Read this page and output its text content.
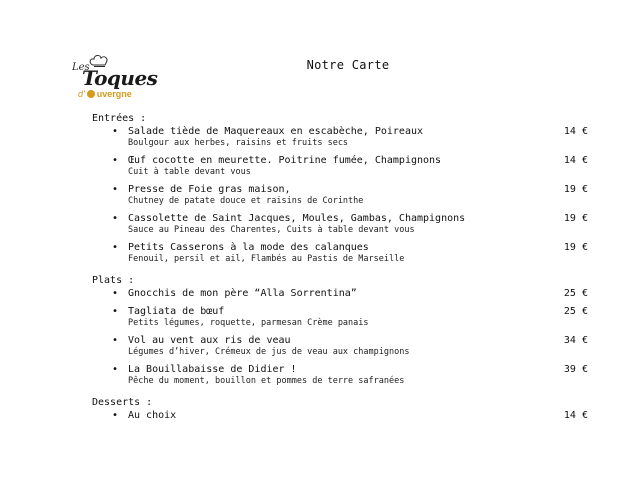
Les
Toques
d' uvergne
Notre Carte
Entrées :
• Salade tiède de Maquereaux en escabèche, Poireaux	14 €
Boulgour aux herbes, raisins et fruits secs
• Œuf cocotte en meurette. Poitrine fumée, Champignons	14 €
Cuit à table devant vous
• Presse de Foie gras maison,	19 €
Chutney de patate douce et raisins de Corinthe
• Cassolette de Saint Jacques, Moules, Gambas, Champignons	19 €
Sauce au Pineau des Charentes, Cuits à table devant vous
• Petits Casserons à la mode des calanques	19 €
Fenouil, persil et ail, Flambés au Pastis de Marseille
Plats :
• Gnocchis de mon père “Alla Sorrentina”	25 €
• Tagliata de bœuf	25 €
Petits légumes, roquette, parmesan Crème panais
• Vol au vent aux ris de veau	34 €
Légumes d’hiver, Crémeux de jus de veau aux champignons
• La Bouillabaisse de Didier !	39 €
Pêche du moment, bouillon et pommes de terre safranées
Desserts :
• Au choix	14 €
